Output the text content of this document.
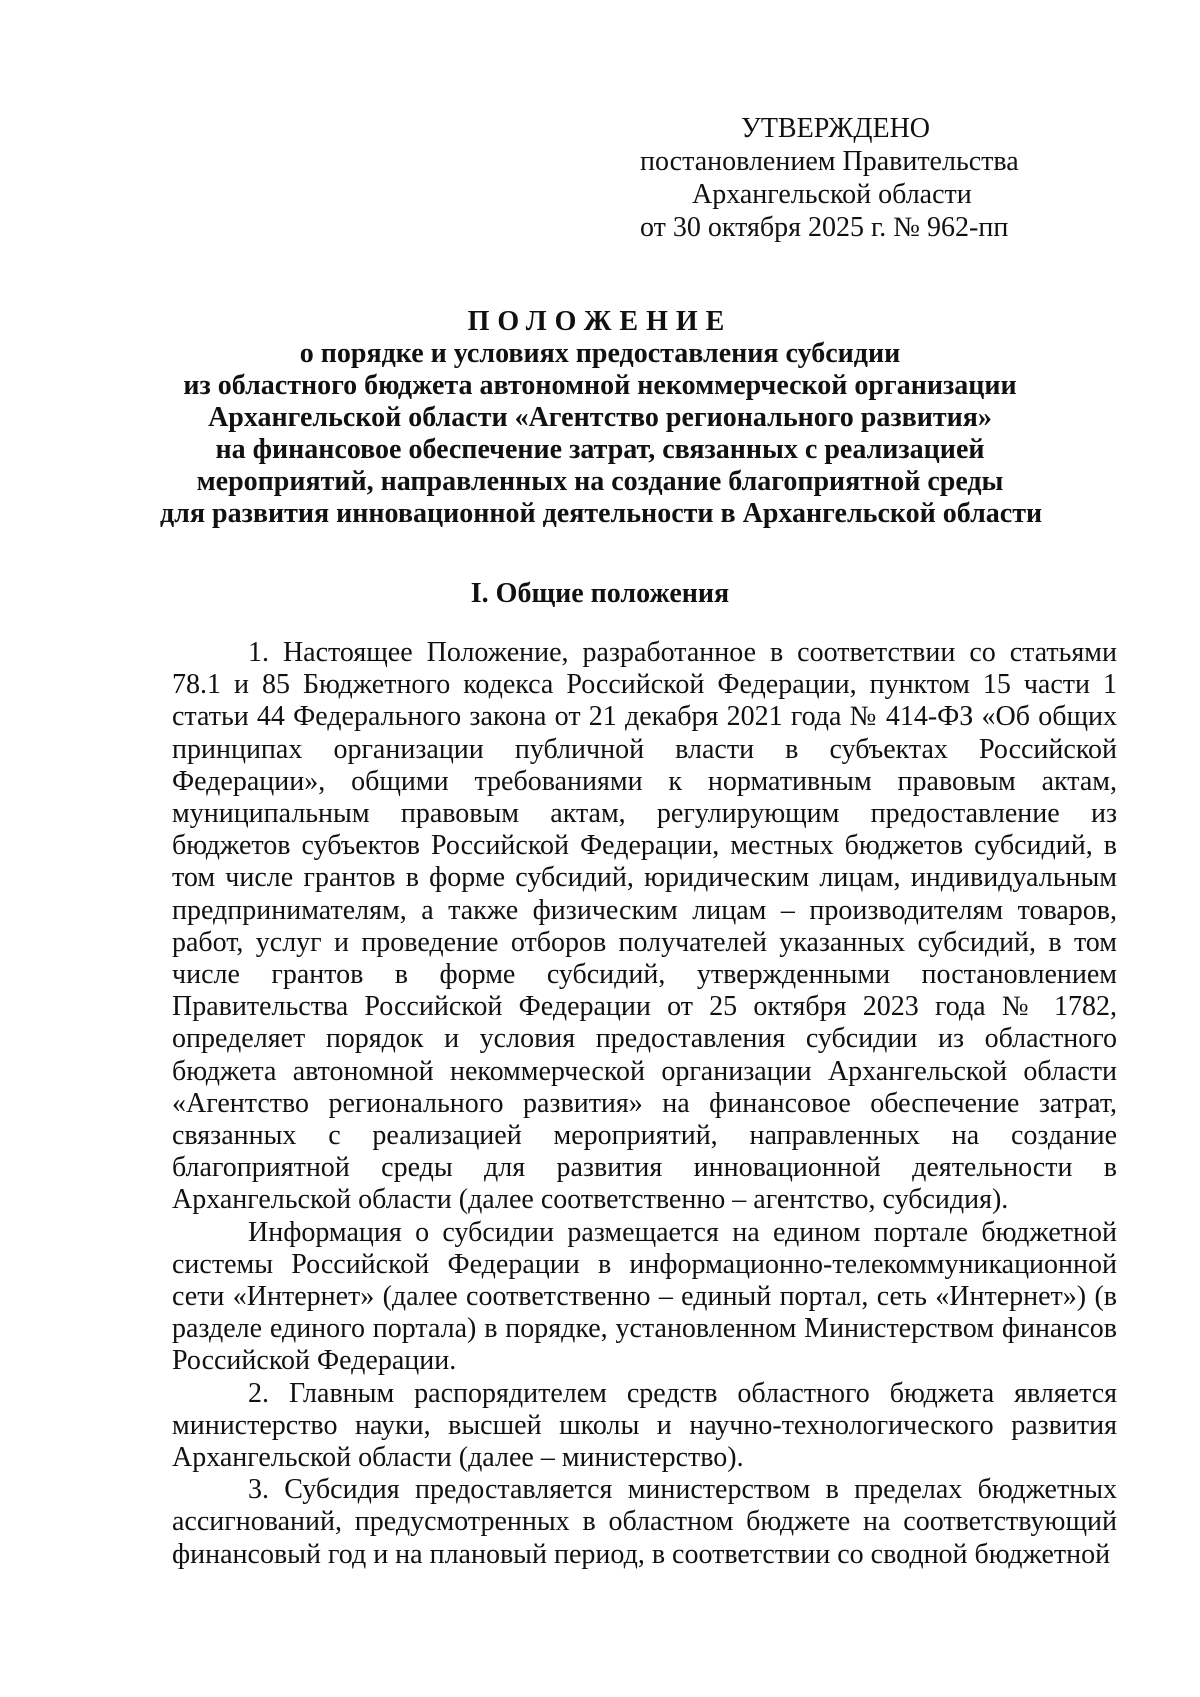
УТВЕРЖДЕНО
постановлением Правительства
Архангельской области
от 30 октября 2025 г. № 962-пп
ПОЛОЖЕНИЕ
о порядке и условиях предоставления субсидии
из областного бюджета автономной некоммерческой организации
Архангельской области «Агентство регионального развития»
на финансовое обеспечение затрат, связанных с реализацией
мероприятий, направленных на создание благоприятной среды
для развития инновационной деятельности в Архангельской области
I. Общие положения

1. Настоящее Положение, разработанное в соответствии со статьями 78.1 и 85 Бюджетного кодекса Российской Федерации, пунктом 15 части 1 статьи 44 Федерального закона от 21 декабря 2021 года № 414-ФЗ «Об общих принципах организации публичной власти в субъектах Российской Федерации», общими требованиями к нормативным правовым актам, муниципальным правовым актам, регулирующим предоставление из бюджетов субъектов Российской Федерации, местных бюджетов субсидий, в том числе грантов в форме субсидий, юридическим лицам, индивидуальным предпринимателям, а также физическим лицам – производителям товаров, работ, услуг и проведение отборов получателей указанных субсидий, в том числе грантов в форме субсидий, утвержденными постановлением Правительства Российской Федерации от 25 октября 2023 года № 1782, определяет порядок и условия предоставления субсидии из областного бюджета автономной некоммерческой организации Архангельской области «Агентство регионального развития» на финансовое обеспечение затрат, связанных с реализацией мероприятий, направленных на создание благоприятной среды для развития инновационной деятельности в Архангельской области (далее соответственно – агентство, субсидия).

Информация о субсидии размещается на едином портале бюджетной системы Российской Федерации в информационно-телекоммуникационной сети «Интернет» (далее соответственно – единый портал, сеть «Интернет») (в разделе единого портала) в порядке, установленном Министерством финансов Российской Федерации.

2. Главным распорядителем средств областного бюджета является министерство науки, высшей школы и научно-технологического развития Архангельской области (далее – министерство).

3. Субсидия предоставляется министерством в пределах бюджетных ассигнований, предусмотренных в областном бюджете на соответствующий финансовый год и на плановый период, в соответствии со сводной бюджетной
